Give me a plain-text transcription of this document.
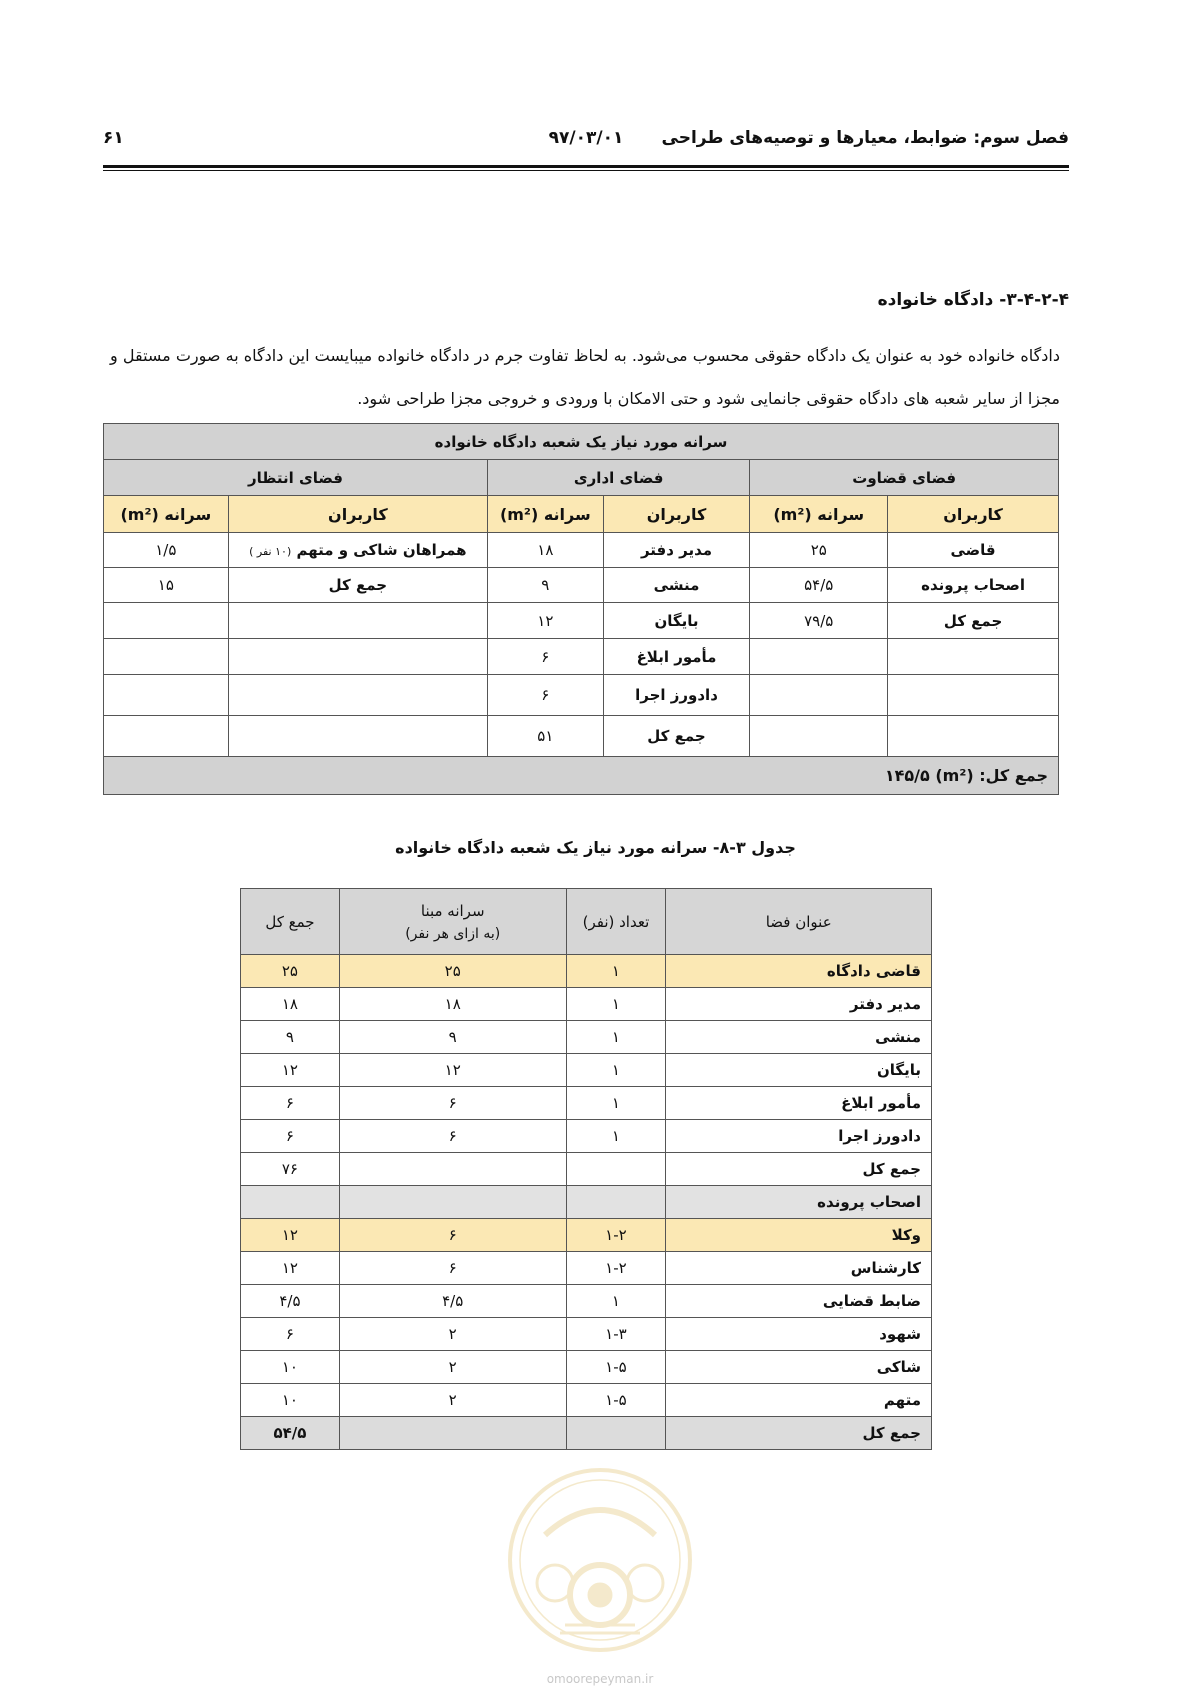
فصل سوم: ضوابط، معیارها و توصیه‌های طراحی
۹۷/۰۳/۰۱
۶۱
۳-۴-۲-۴- دادگاه خانواده
دادگاه خانواده خود به عنوان یک دادگاه حقوقی محسوب می‌شود. به لحاظ تفاوت جرم در دادگاه خانواده میبایست این دادگاه به صورت مستقل و مجزا از سایر شعبه های دادگاه حقوقی جانمایی شود و حتی الامکان با ورودی و خروجی مجزا طراحی شود.
سرانه مورد نیاز یک شعبه دادگاه خانواده					
فضای قضاوت		فضای اداری		فضای انتظار	
کاربران	سرانه (m²)	کاربران	سرانه (m²)	کاربران	سرانه (m²)
قاضی	۲۵	مدیر دفتر	۱۸	همراهان شاکی و متهم (۱۰ نفر )	۱/۵
اصحاب پرونده	۵۴/۵	منشی	۹	جمع کل	۱۵
جمع کل	۷۹/۵	بایگان	۱۲		
		مأمور ابلاغ	۶		
		دادورز اجرا	۶		
		جمع کل	۵۱		
جمع کل: (m²) ۱۴۵/۵					
جدول ۳-۸- سرانه مورد نیاز یک شعبه دادگاه خانواده
عنوان فضا	تعداد (نفر)	سرانه مبنا
(به ازای هر نفر)	جمع کل
قاضی دادگاه	۱	۲۵	۲۵
مدیر دفتر	۱	۱۸	۱۸
منشی	۱	۹	۹
بایگان	۱	۱۲	۱۲
مأمور ابلاغ	۱	۶	۶
دادورز اجرا	۱	۶	۶
جمع کل			۷۶
اصحاب پرونده			
وکلا	۱-۲	۶	۱۲
کارشناس	۱-۲	۶	۱۲
ضابط قضایی	۱	۴/۵	۴/۵
شهود	۱-۳	۲	۶
شاکی	۱-۵	۲	۱۰
متهم	۱-۵	۲	۱۰
جمع کل			۵۴/۵
omoorepeyman.ir
